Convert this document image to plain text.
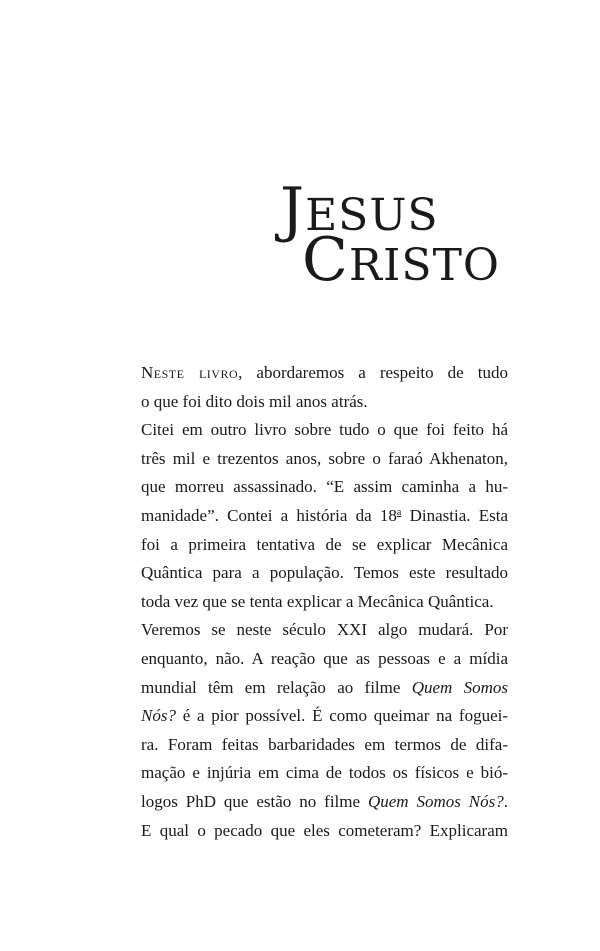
JESUS
CRISTO

Neste livro, abordaremos a respeito de tudo
o que foi dito dois mil anos atrás.

Citei em outro livro sobre tudo o que foi feito há
três mil e trezentos anos, sobre o faraó Akhenaton,
que morreu assassinado. “E assim caminha a hu-
manidade”. Contei a história da 18$^a$ Dinastia. Esta
foi a primeira tentativa de se explicar Mecânica
Quântica para a população. Temos este resultado
toda vez que se tenta explicar a Mecânica Quântica.

Veremos se neste século XXI algo mudará. Por
enquanto, não. A reação que as pessoas e a mídia
mundial têm em relação ao filme Quem Somos
Nós? é a pior possível. É como queimar na foguei-
ra. Foram feitas barbaridades em termos de difa-
mação e injúria em cima de todos os físicos e bió-
logos PhD que estão no filme Quem Somos Nós?.
E qual o pecado que eles cometeram? Explicaram
